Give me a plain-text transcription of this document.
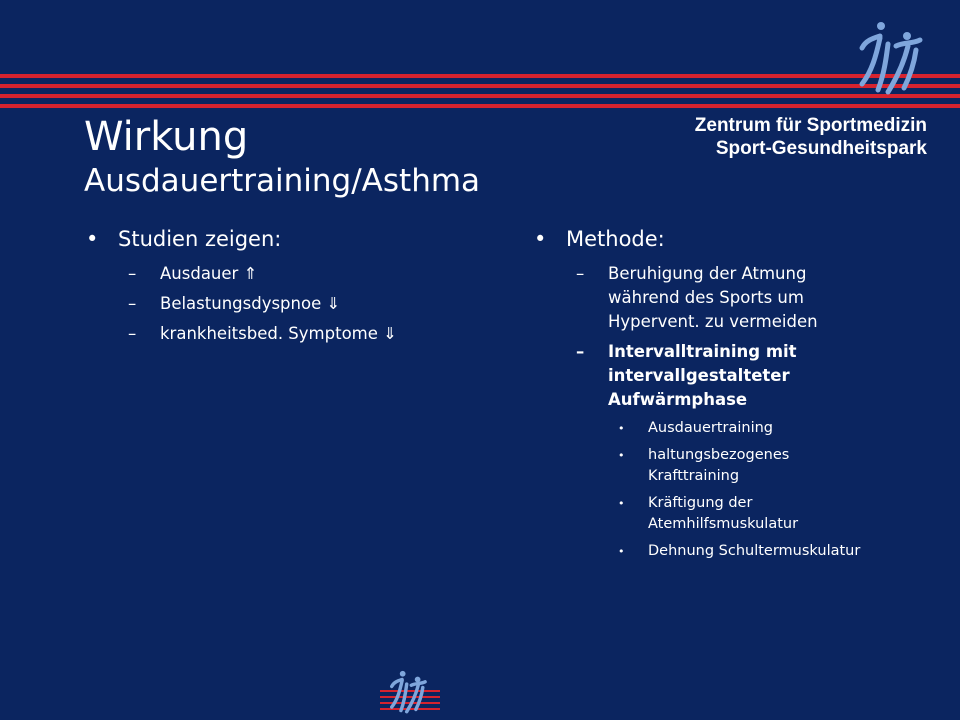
Wirkung
Ausdauertraining/Asthma
Zentrum für Sportmedizin
Sport-Gesundheitspark
• Studien zeigen:
–	Ausdauer ⇑
–	Belastungsdyspnoe ⇓
–	krankheitsbed. Symptome ⇓
• Methode:
–	Beruhigung der Atmung während des Sports um Hypervent. zu vermeiden
–	Intervalltraining mit intervallgestalteter Aufwärmphase
•	Ausdauertraining
•	haltungsbezogenes Krafttraining
•	Kräftigung der Atemhilfsmuskulatur
•	Dehnung Schultermuskulatur
